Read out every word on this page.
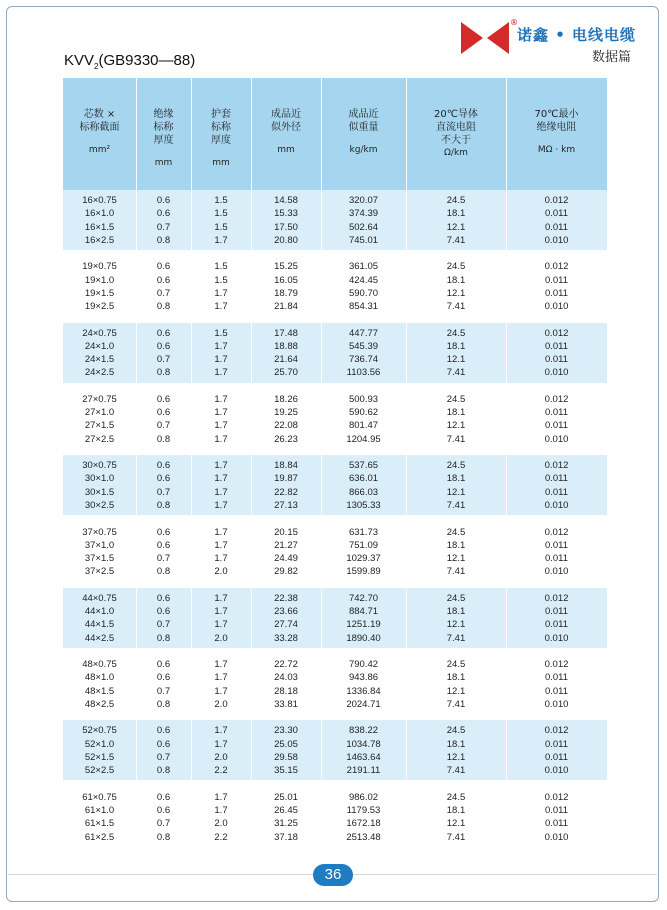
®
诺鑫 • 电线电缆
数据篇
$KVV_2(GB9330—88)$
芯数 ×
标称截面
mm²
绝缘
标称
厚度
mm
护套
标称
厚度
mm
成品近
似外径
mm
成品近
似重量
kg/km
20℃导体
直流电阻
不大于
Ω/km
70℃最小
绝缘电阻
MΩ · km
16×0.75	0.6	1.5	14.58	320.07	24.5	0.012
16×1.0	0.6	1.5	15.33	374.39	18.1	0.011
16×1.5	0.7	1.5	17.50	502.64	12.1	0.011
16×2.5	0.8	1.7	20.80	745.01	7.41	0.010
19×0.75	0.6	1.5	15.25	361.05	24.5	0.012
19×1.0	0.6	1.5	16.05	424.45	18.1	0.011
19×1.5	0.7	1.7	18.79	590.70	12.1	0.011
19×2.5	0.8	1.7	21.84	854.31	7.41	0.010
24×0.75	0.6	1.5	17.48	447.77	24.5	0.012
24×1.0	0.6	1.7	18.88	545.39	18.1	0.011
24×1.5	0.7	1.7	21.64	736.74	12.1	0.011
24×2.5	0.8	1.7	25.70	1103.56	7.41	0.010
27×0.75	0.6	1.7	18.26	500.93	24.5	0.012
27×1.0	0.6	1.7	19.25	590.62	18.1	0.011
27×1.5	0.7	1.7	22.08	801.47	12.1	0.011
27×2.5	0.8	1.7	26.23	1204.95	7.41	0.010
30×0.75	0.6	1.7	18.84	537.65	24.5	0.012
30×1.0	0.6	1.7	19.87	636.01	18.1	0.011
30×1.5	0.7	1.7	22.82	866.03	12.1	0.011
30×2.5	0.8	1.7	27.13	1305.33	7.41	0.010
37×0.75	0.6	1.7	20.15	631.73	24.5	0.012
37×1.0	0.6	1.7	21.27	751.09	18.1	0.011
37×1.5	0.7	1.7	24.49	1029.37	12.1	0.011
37×2.5	0.8	2.0	29.82	1599.89	7.41	0.010
44×0.75	0.6	1.7	22.38	742.70	24.5	0.012
44×1.0	0.6	1.7	23.66	884.71	18.1	0.011
44×1.5	0.7	1.7	27.74	1251.19	12.1	0.011
44×2.5	0.8	2.0	33.28	1890.40	7.41	0.010
48×0.75	0.6	1.7	22.72	790.42	24.5	0.012
48×1.0	0.6	1.7	24.03	943.86	18.1	0.011
48×1.5	0.7	1.7	28.18	1336.84	12.1	0.011
48×2.5	0.8	2.0	33.81	2024.71	7.41	0.010
52×0.75	0.6	1.7	23.30	838.22	24.5	0.012
52×1.0	0.6	1.7	25.05	1034.78	18.1	0.011
52×1.5	0.7	2.0	29.58	1463.64	12.1	0.011
52×2.5	0.8	2.2	35.15	2191.11	7.41	0.010
61×0.75	0.6	1.7	25.01	986.02	24.5	0.012
61×1.0	0.6	1.7	26.45	1179.53	18.1	0.011
61×1.5	0.7	2.0	31.25	1672.18	12.1	0.011
61×2.5	0.8	2.2	37.18	2513.48	7.41	0.010
36
